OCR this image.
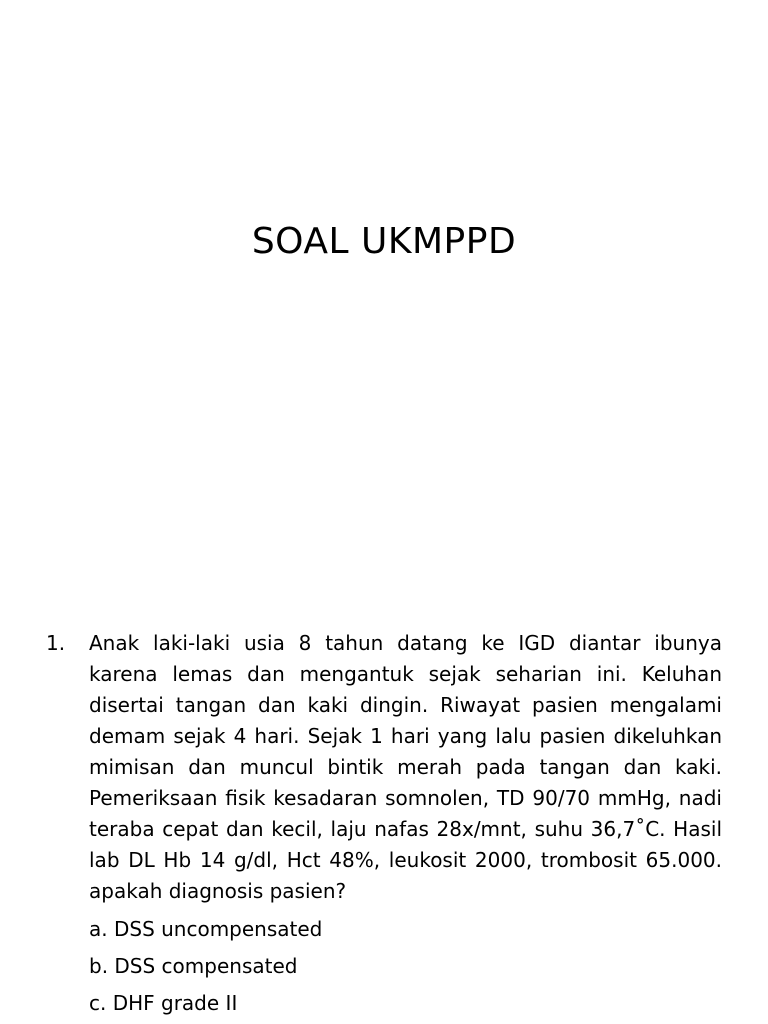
SOAL UKMPPD
1.	Anak laki-laki usia 8 tahun datang ke IGD diantar ibunya karena lemas dan mengantuk sejak seharian ini. Keluhan disertai tangan dan kaki dingin. Riwayat pasien mengalami demam sejak 4 hari. Sejak 1 hari yang lalu pasien dikeluhkan mimisan dan muncul bintik merah pada tangan dan kaki. Pemeriksaan fisik kesadaran somnolen, TD 90/70 mmHg, nadi teraba cepat dan kecil, laju nafas 28x/mnt, suhu 36,7˚C. Hasil lab DL Hb 14 g/dl, Hct 48%, leukosit 2000, trombosit 65.000. apakah diagnosis pasien?
a. DSS uncompensated
b. DSS compensated
c. DHF grade II
